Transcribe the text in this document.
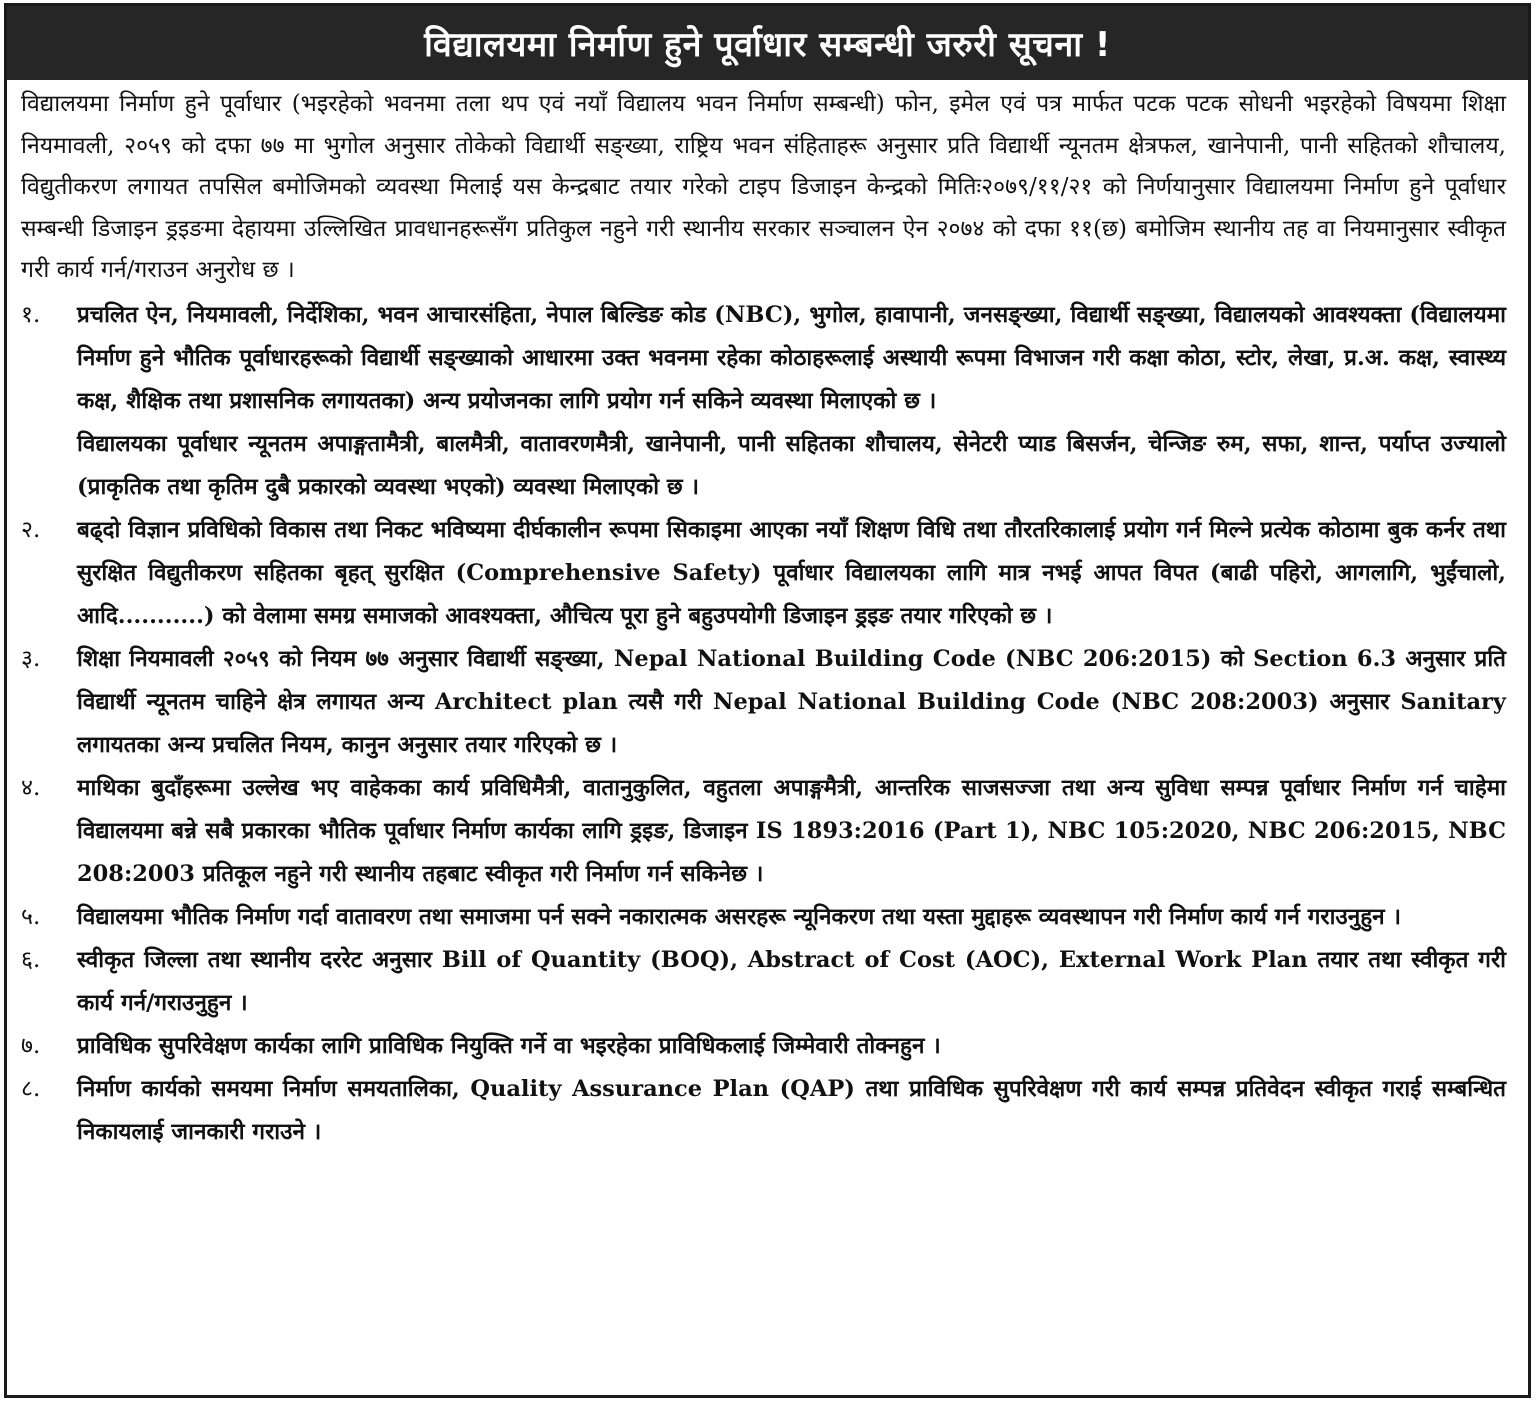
विद्यालयमा निर्माण हुने पूर्वाधार सम्बन्धी जरुरी सूचना !

विद्यालयमा निर्माण हुने पूर्वाधार (भइरहेको भवनमा तला थप एवं नयाँ विद्यालय भवन निर्माण सम्बन्धी) फोन, इमेल एवं पत्र मार्फत पटक पटक सोधनी भइरहेको विषयमा शिक्षा नियमावली, २०५९ को दफा ७७ मा भुगोल अनुसार तोकेको विद्यार्थी सङ्ख्या, राष्ट्रिय भवन संहिताहरू अनुसार प्रति विद्यार्थी न्यूनतम क्षेत्रफल, खानेपानी, पानी सहितको शौचालय, विद्युतीकरण लगायत तपसिल बमोजिमको व्यवस्था मिलाई यस केन्द्रबाट तयार गरेको टाइप डिजाइन केन्द्रको मितिः२०७९/११/२१ को निर्णयानुसार विद्यालयमा निर्माण हुने पूर्वाधार सम्बन्धी डिजाइन ड्रइङमा देहायमा उल्लिखित प्रावधानहरूसँग प्रतिकुल नहुने गरी स्थानीय सरकार सञ्चालन ऐन २०७४ को दफा ११(छ) बमोजिम स्थानीय तह वा नियमानुसार स्वीकृत गरी कार्य गर्न/गराउन अनुरोध छ ।

१.	प्रचलित ऐन, नियमावली, निर्देशिका, भवन आचारसंहिता, नेपाल बिल्डिङ कोड (NBC), भुगोल, हावापानी, जनसङ्ख्या, विद्यार्थी सङ्ख्या, विद्यालयको आवश्यक्ता (विद्यालयमा निर्माण हुने भौतिक पूर्वाधारहरूको विद्यार्थी सङ्ख्याको आधारमा उक्त भवनमा रहेका कोठाहरूलाई अस्थायी रूपमा विभाजन गरी कक्षा कोठा, स्टोर, लेखा, प्र.अ. कक्ष, स्वास्थ्य कक्ष, शैक्षिक तथा प्रशासनिक लगायतका) अन्य प्रयोजनका लागि प्रयोग गर्न सकिने व्यवस्था मिलाएको छ ।

विद्यालयका पूर्वाधार न्यूनतम अपाङ्गतामैत्री, बालमैत्री, वातावरणमैत्री, खानेपानी, पानी सहितका शौचालय, सेनेटरी प्याड बिसर्जन, चेन्जिङ रुम, सफा, शान्त, पर्याप्त उज्यालो (प्राकृतिक तथा कृतिम दुबै प्रकारको व्यवस्था भएको) व्यवस्था मिलाएको छ ।

२.	बढ्दो विज्ञान प्रविधिको विकास तथा निकट भविष्यमा दीर्घकालीन रूपमा सिकाइमा आएका नयाँ शिक्षण विधि तथा तौरतरिकालाई प्रयोग गर्न मिल्ने प्रत्येक कोठामा बुक कर्नर तथा सुरक्षित विद्युतीकरण सहितका बृहत् सुरक्षित (Comprehensive Safety) पूर्वाधार विद्यालयका लागि मात्र नभई आपत विपत (बाढी पहिरो, आगलागि, भुईंचालो, आदि...........) को वेलामा समग्र समाजको आवश्यक्ता, औचित्य पूरा हुने बहुउपयोगी डिजाइन ड्रइङ तयार गरिएको छ ।

३.	शिक्षा नियमावली २०५९ को नियम ७७ अनुसार विद्यार्थी सङ्ख्या, Nepal National Building Code (NBC 206:2015) को Section 6.3 अनुसार प्रति विद्यार्थी न्यूनतम चाहिने क्षेत्र लगायत अन्य Architect plan त्यसै गरी Nepal National Building Code (NBC 208:2003) अनुसार Sanitary लगायतका अन्य प्रचलित नियम, कानुन अनुसार तयार गरिएको छ ।

४.	माथिका बुदाँहरूमा उल्लेख भए वाहेकका कार्य प्रविधिमैत्री, वातानुकुलित, वहुतला अपाङ्गमैत्री, आन्तरिक साजसज्जा तथा अन्य सुविधा सम्पन्न पूर्वाधार निर्माण गर्न चाहेमा विद्यालयमा बन्ने सबै प्रकारका भौतिक पूर्वाधार निर्माण कार्यका लागि ड्रइङ, डिजाइन IS 1893:2016 (Part 1), NBC 105:2020, NBC 206:2015, NBC 208:2003 प्रतिकूल नहुने गरी स्थानीय तहबाट स्वीकृत गरी निर्माण गर्न सकिनेछ ।

५.	विद्यालयमा भौतिक निर्माण गर्दा वातावरण तथा समाजमा पर्न सक्ने नकारात्मक असरहरू न्यूनिकरण तथा यस्ता मुद्दाहरू व्यवस्थापन गरी निर्माण कार्य गर्न गराउनुहुन ।

६.	स्वीकृत जिल्ला तथा स्थानीय दररेट अनुसार Bill of Quantity (BOQ), Abstract of Cost (AOC), External Work Plan तयार तथा स्वीकृत गरी कार्य गर्न/गराउनुहुन ।

७.	प्राविधिक सुपरिवेक्षण कार्यका लागि प्राविधिक नियुक्ति गर्ने वा भइरहेका प्राविधिकलाई जिम्मेवारी तोक्नहुन ।

८.	निर्माण कार्यको समयमा निर्माण समयतालिका, Quality Assurance Plan (QAP) तथा प्राविधिक सुपरिवेक्षण गरी कार्य सम्पन्न प्रतिवेदन स्वीकृत गराई सम्बन्धित निकायलाई जानकारी गराउने ।
